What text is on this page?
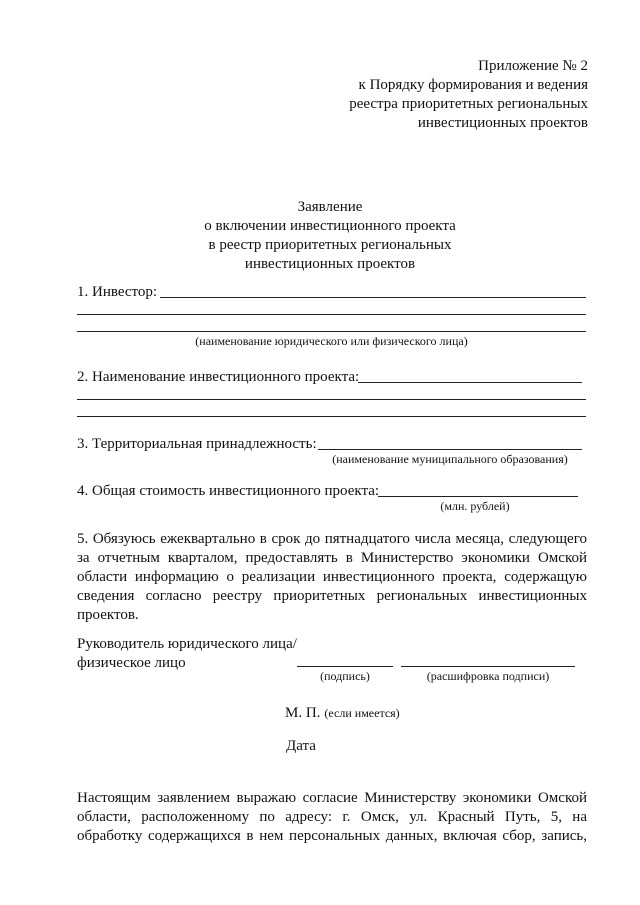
Приложение № 2
к Порядку формирования и ведения
реестра приоритетных региональных
инвестиционных проектов
Заявление
о включении инвестиционного проекта
в реестр приоритетных региональных
инвестиционных проектов
1. Инвестор:
(наименование юридического или физического лица)
2. Наименование инвестиционного проекта:
3. Территориальная принадлежность:
(наименование муниципального образования)
4. Общая стоимость инвестиционного проекта:
(млн. рублей)
5. Обязуюсь ежеквартально в срок до пятнадцатого числа месяца, следующего
за отчетным кварталом, предоставлять в Министерство экономики Омской
области информацию о реализации инвестиционного проекта, содержащую
сведения согласно реестру приоритетных региональных инвестиционных
проектов.
Руководитель юридического лица/
физическое лицо
(подпись)	(расшифровка подписи)
М. П. (если имеется)
Дата
Настоящим заявлением выражаю согласие Министерству экономики Омской
области, расположенному по адресу: г. Омск, ул. Красный Путь, 5, на
обработку содержащихся в нем персональных данных, включая сбор, запись,
